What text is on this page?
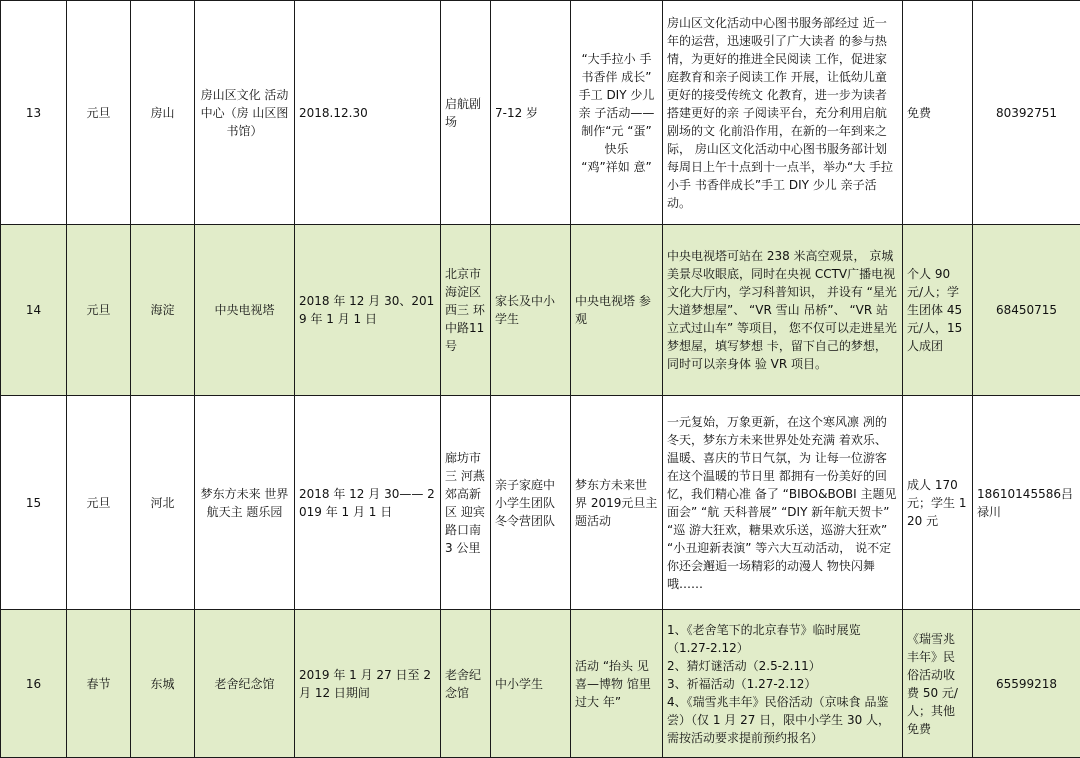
13	元旦	房山	房山区文化 活动中心（房 山区图书馆）	2018.12.30	启航剧场	7-12 岁	“大手拉小 手 书香伴 成长” 手工 DIY 少儿 亲 子活动——制作“元 “蛋” 快乐
“鸡”祥如 意”	房山区文化活动中心图书服务部经过 近一年的运营，迅速吸引了广大读者 的参与热情，为更好的推进全民阅读 工作，促进家庭教育和亲子阅读工作 开展，让低幼儿童更好的接受传统文 化教育，进一步为读者搭建更好的亲 子阅读平台，充分利用启航剧场的文 化前沿作用，在新的一年到来之际， 房山区文化活动中心图书服务部计划 每周日上午十点到十一点半，举办“大 手拉小手 书香伴成长”手工 DIY 少儿 亲子活动。	免费	80392751
14	元旦	海淀	中央电视塔	2018 年 12 月 30、2019 年 1 月 1 日	北京市海淀区西三 环中路11号	家长及中小学生	中央电视塔 参观	中央电视塔可站在 238 米高空观景， 京城美景尽收眼底，同时在央视 CCTV广播电视文化大厅内，学习科普知识， 并设有 “星光大道梦想屋”、 “VR 雪山 吊桥”、 “VR 站立式过山车” 等项目， 您不仅可以走进星光梦想屋，填写梦想 卡，留下自己的梦想，同时可以亲身体 验 VR 项目。	个人 90 元/人；学生团体 45 元/人，15 人成团	68450715
15	元旦	河北	梦东方未来 世界航天主 题乐园	2018 年 12 月 30—— 2019 年 1 月 1 日	廊坊市三 河燕郊高新区 迎宾路口南 3 公里	亲子家庭中小学生团队 冬令营团队	梦东方未来世界 2019元旦主题活动	一元复始，万象更新，在这个寒风凛 冽的冬天，梦东方未来世界处处充满 着欢乐、温暖、喜庆的节日气氛，为 让每一位游客在这个温暖的节日里 都拥有一份美好的回忆，我们精心准 备了 “BIBO&BOBI 主题见面会” “航 天科普展” “DIY 新年航天贺卡” “巡 游大狂欢，糖果欢乐送，巡游大狂欢” “小丑迎新表演” 等六大互动活动， 说不定你还会邂逅一场精彩的动漫人 物快闪舞哦……	成人 170 元；学生 120 元	18610145586吕禄川
16	春节	东城	老舍纪念馆	2019 年 1 月 27 日至 2 月 12 日期间	老舍纪念馆	中小学生	活动 “抬头 见喜—博物 馆里过大 年”	1、《老舍笔下的北京春节》临时展览
（1.27-2.12）
2、猜灯谜活动（2.5-2.11）
3、祈福活动（1.27-2.12）
4、《瑞雪兆丰年》民俗活动（京味食 品鉴尝）（仅 1 月 27 日，限中小学生 30 人，需按活动要求提前预约报名）	《瑞雪兆 丰年》民 俗活动收 费 50 元/ 人；其他 免费	65599218
